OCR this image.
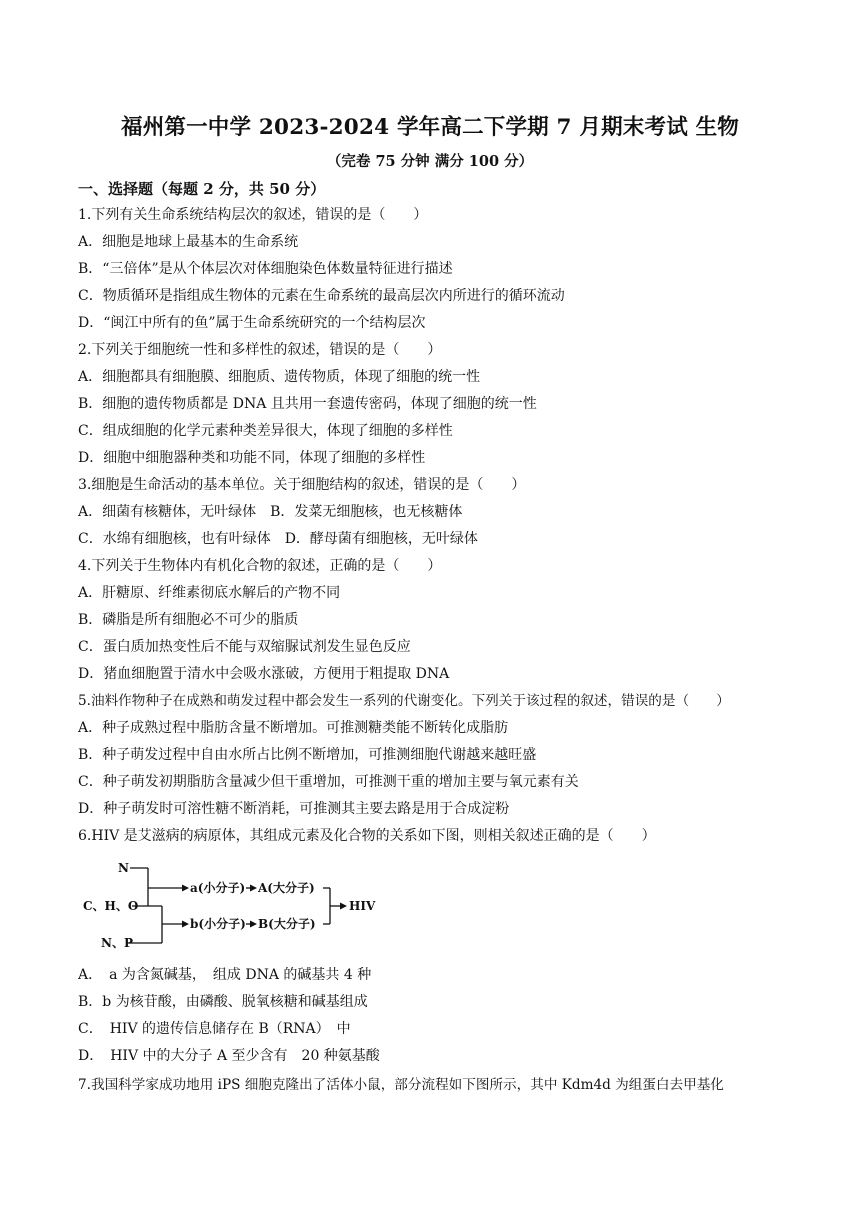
福州第一中学 2023-2024 学年高二下学期 7 月期末考试 生物
（完卷 75 分钟 满分 100 分）
一、选择题（每题 2 分，共 50 分）
1.下列有关生命系统结构层次的叙述，错误的是（　　）
A．细胞是地球上最基本的生命系统
B．“三倍体”是从个体层次对体细胞染色体数量特征进行描述
C．物质循环是指组成生物体的元素在生命系统的最高层次内所进行的循环流动
D．“闽江中所有的鱼”属于生命系统研究的一个结构层次
2.下列关于细胞统一性和多样性的叙述，错误的是（　　）
A．细胞都具有细胞膜、细胞质、遗传物质，体现了细胞的统一性
B．细胞的遗传物质都是 DNA 且共用一套遗传密码，体现了细胞的统一性
C．组成细胞的化学元素种类差异很大，体现了细胞的多样性
D．细胞中细胞器种类和功能不同，体现了细胞的多样性
3.细胞是生命活动的基本单位。关于细胞结构的叙述，错误的是（　　）
A．细菌有核糖体，无叶绿体　B．发菜无细胞核，也无核糖体
C．水绵有细胞核，也有叶绿体　D．酵母菌有细胞核，无叶绿体
4.下列关于生物体内有机化合物的叙述，正确的是（　　）
A．肝糖原、纤维素彻底水解后的产物不同
B．磷脂是所有细胞必不可少的脂质
C．蛋白质加热变性后不能与双缩脲试剂发生显色反应
D．猪血细胞置于清水中会吸水涨破，方便用于粗提取 DNA
5.油料作物种子在成熟和萌发过程中都会发生一系列的代谢变化。下列关于该过程的叙述，错误的是（　　）
A．种子成熟过程中脂肪含量不断增加。可推测糖类能不断转化成脂肪
B．种子萌发过程中自由水所占比例不断增加，可推测细胞代谢越来越旺盛
C．种子萌发初期脂肪含量减少但干重增加，可推测干重的增加主要与氧元素有关
D．种子萌发时可溶性糖不断消耗，可推测其主要去路是用于合成淀粉
6.HIV 是艾滋病的病原体，其组成元素及化合物的关系如下图，则相关叙述正确的是（　　）
N
C、H、O
N、P
a(小分子) A(大分子)
b(小分子) B(大分子)
HIV
A．　a 为含氮碱基，　组成 DNA 的碱基共 4 种
B．b 为核苷酸，由磷酸、脱氧核糖和碱基组成
C．　HIV 的遗传信息储存在 B（RNA）　中
D．　HIV 中的大分子 A 至少含有　20 种氨基酸
7.我国科学家成功地用 iPS 细胞克隆出了活体小鼠，部分流程如下图所示，其中 Kdm4d 为组蛋白去甲基化
